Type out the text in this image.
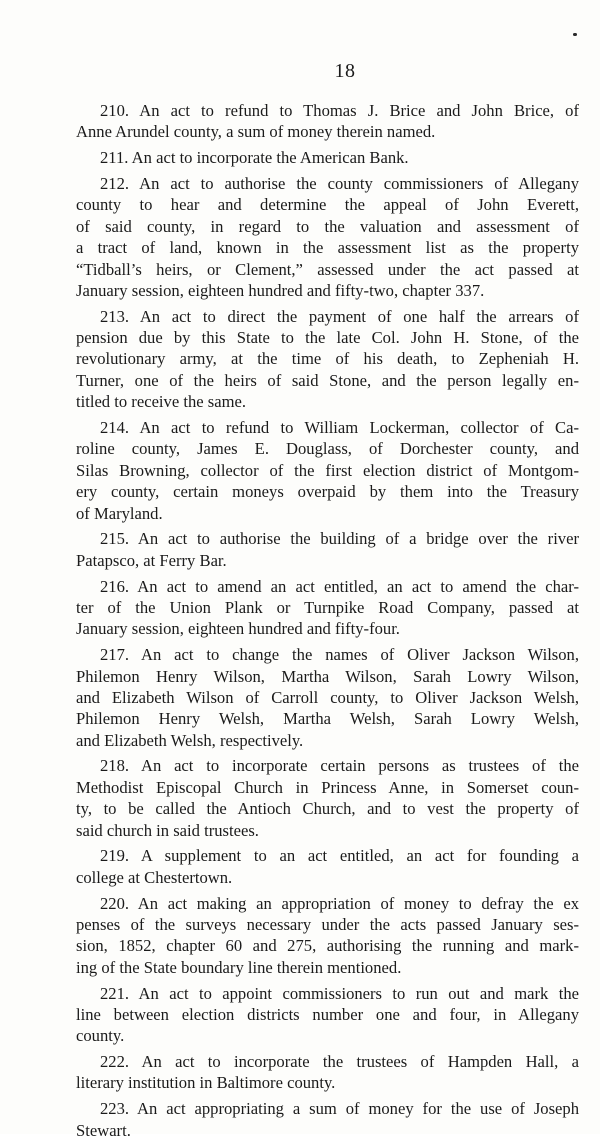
18
210. An act to refund to Thomas J. Brice and John Brice, of
Anne Arundel county, a sum of money therein named.
211. An act to incorporate the American Bank.
212. An act to authorise the county commissioners of Allegany
county to hear and determine the appeal of John Everett,
of said county, in regard to the valuation and assessment of
a tract of land, known in the assessment list as the property
“Tidball’s heirs, or Clement,” assessed under the act passed at
January session, eighteen hundred and fifty-two, chapter 337.
213. An act to direct the payment of one half the arrears of
pension due by this State to the late Col. John H. Stone, of the
revolutionary army, at the time of his death, to Zepheniah H.
Turner, one of the heirs of said Stone, and the person legally en-
titled to receive the same.
214. An act to refund to William Lockerman, collector of Ca-
roline county, James E. Douglass, of Dorchester county, and
Silas Browning, collector of the first election district of Montgom-
ery county, certain moneys overpaid by them into the Treasury
of Maryland.
215. An act to authorise the building of a bridge over the river
Patapsco, at Ferry Bar.
216. An act to amend an act entitled, an act to amend the char-
ter of the Union Plank or Turnpike Road Company, passed at
January session, eighteen hundred and fifty-four.
217. An act to change the names of Oliver Jackson Wilson,
Philemon Henry Wilson, Martha Wilson, Sarah Lowry Wilson,
and Elizabeth Wilson of Carroll county, to Oliver Jackson Welsh,
Philemon Henry Welsh, Martha Welsh, Sarah Lowry Welsh,
and Elizabeth Welsh, respectively.
218. An act to incorporate certain persons as trustees of the
Methodist Episcopal Church in Princess Anne, in Somerset coun-
ty, to be called the Antioch Church, and to vest the property of
said church in said trustees.
219. A supplement to an act entitled, an act for founding a
college at Chestertown.
220. An act making an appropriation of money to defray the ex
penses of the surveys necessary under the acts passed January ses-
sion, 1852, chapter 60 and 275, authorising the running and mark-
ing of the State boundary line therein mentioned.
221. An act to appoint commissioners to run out and mark the
line between election districts number one and four, in Allegany
county.
222. An act to incorporate the trustees of Hampden Hall, a
literary institution in Baltimore county.
223. An act appropriating a sum of money for the use of Joseph
Stewart.
